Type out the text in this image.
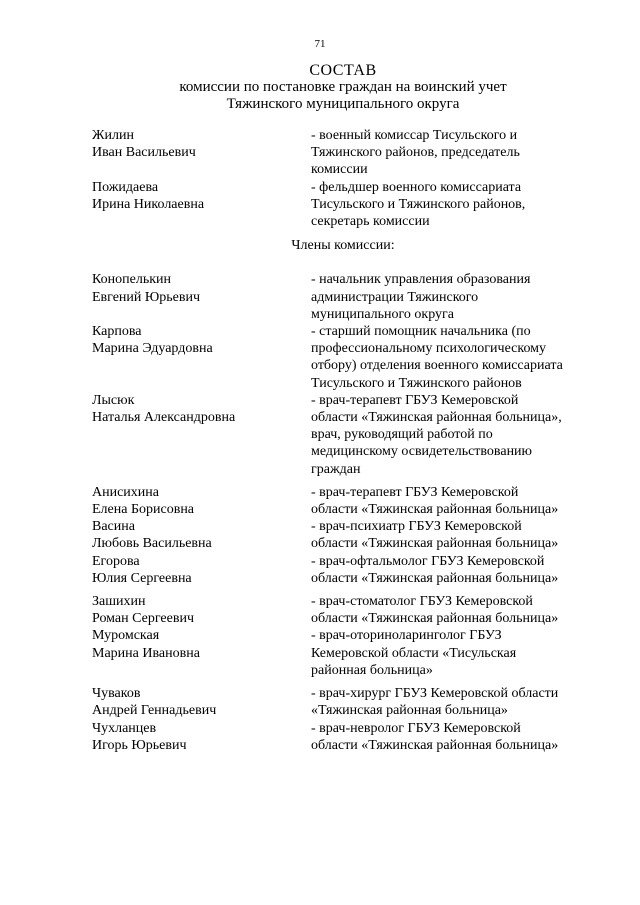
71
СОСТАВ
комиссии по постановке граждан на воинский учет
Тяжинского муниципального округа
Жилин
Иван Васильевич
- военный комиссар Тисульского и
Тяжинского районов, председатель
комиссии
Пожидаева
Ирина Николаевна
- фельдшер военного комиссариата
Тисульского и Тяжинского районов,
секретарь комиссии
Члены комиссии:
Конопелькин
Евгений Юрьевич
- начальник управления образования
администрации Тяжинского
муниципального округа
Карпова
Марина Эдуардовна
- старший помощник начальника (по
профессиональному психологическому
отбору) отделения военного комиссариата
Тисульского и Тяжинского районов
Лысюк
Наталья Александровна
- врач-терапевт ГБУЗ Кемеровской
области «Тяжинская районная больница»,
врач, руководящий работой по
медицинскому освидетельствованию
граждан
Анисихина
Елена Борисовна
- врач-терапевт ГБУЗ Кемеровской
области «Тяжинская районная больница»
Васина
Любовь Васильевна
- врач-психиатр ГБУЗ Кемеровской
области «Тяжинская районная больница»
Егорова
Юлия Сергеевна
- врач-офтальмолог ГБУЗ Кемеровской
области «Тяжинская районная больница»
Зашихин
Роман Сергеевич
- врач-стоматолог ГБУЗ Кемеровской
области «Тяжинская районная больница»
Муромская
Марина Ивановна
- врач-оториноларинголог ГБУЗ
Кемеровской области «Тисульская
районная больница»
Чуваков
Андрей Геннадьевич
- врач-хирург ГБУЗ Кемеровской области
«Тяжинская районная больница»
Чухланцев
Игорь Юрьевич
- врач-невролог ГБУЗ Кемеровской
области «Тяжинская районная больница»
